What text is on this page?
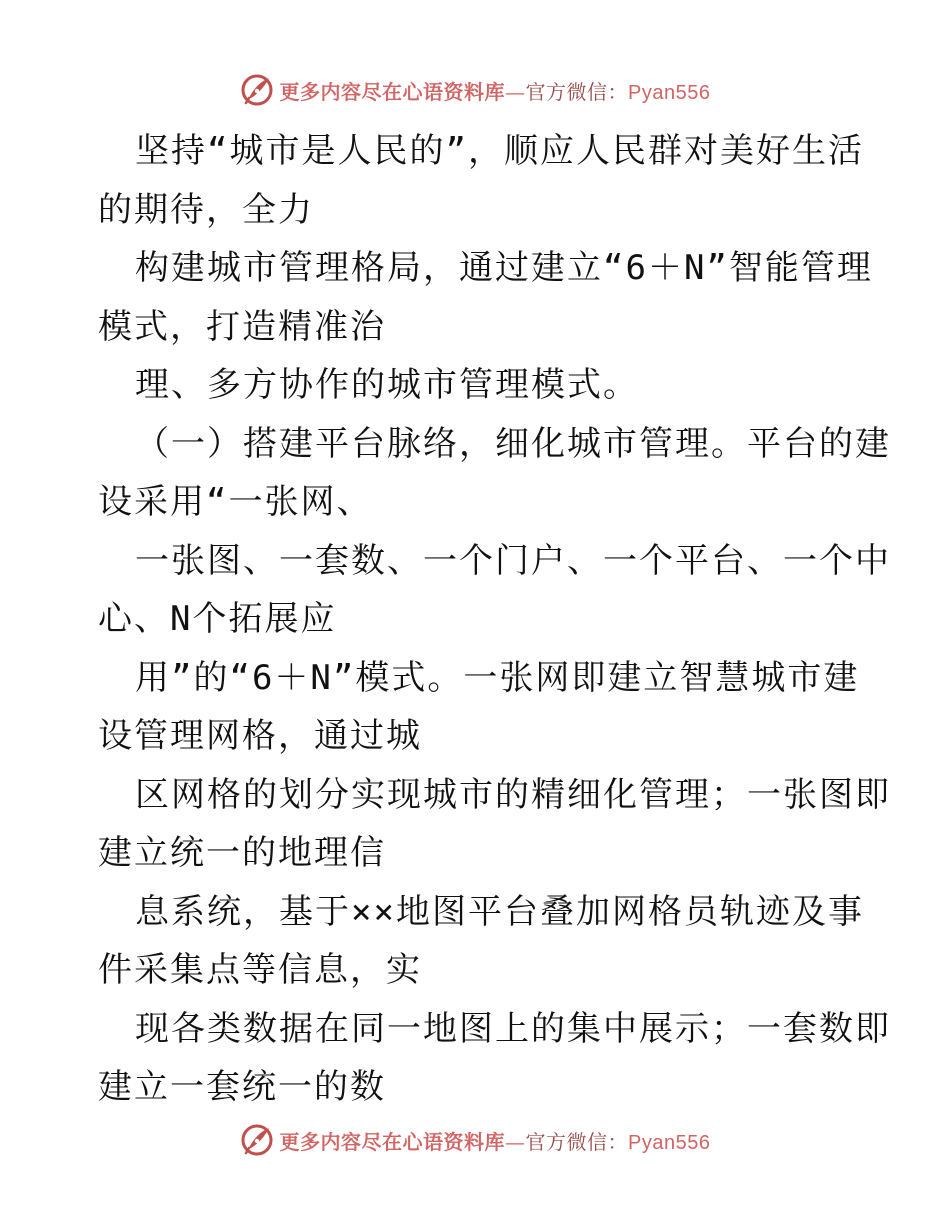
更多内容尽在心语资料库—官方微信：Pyan556

坚持“城市是人民的”，顺应人民群对美好生活
的期待，全力

构建城市管理格局，通过建立“6＋N”智能管理
模式，打造精准治

理、多方协作的城市管理模式。

（一）搭建平台脉络，细化城市管理。平台的建
设采用“一张网、

一张图、一套数、一个门户、一个平台、一个中
心、N个拓展应

用”的“6＋N”模式。一张网即建立智慧城市建
设管理网格，通过城

区网格的划分实现城市的精细化管理；一张图即
建立统一的地理信

息系统，基于××地图平台叠加网格员轨迹及事
件采集点等信息，实

现各类数据在同一地图上的集中展示；一套数即
建立一套统一的数

更多内容尽在心语资料库—官方微信：Pyan556
